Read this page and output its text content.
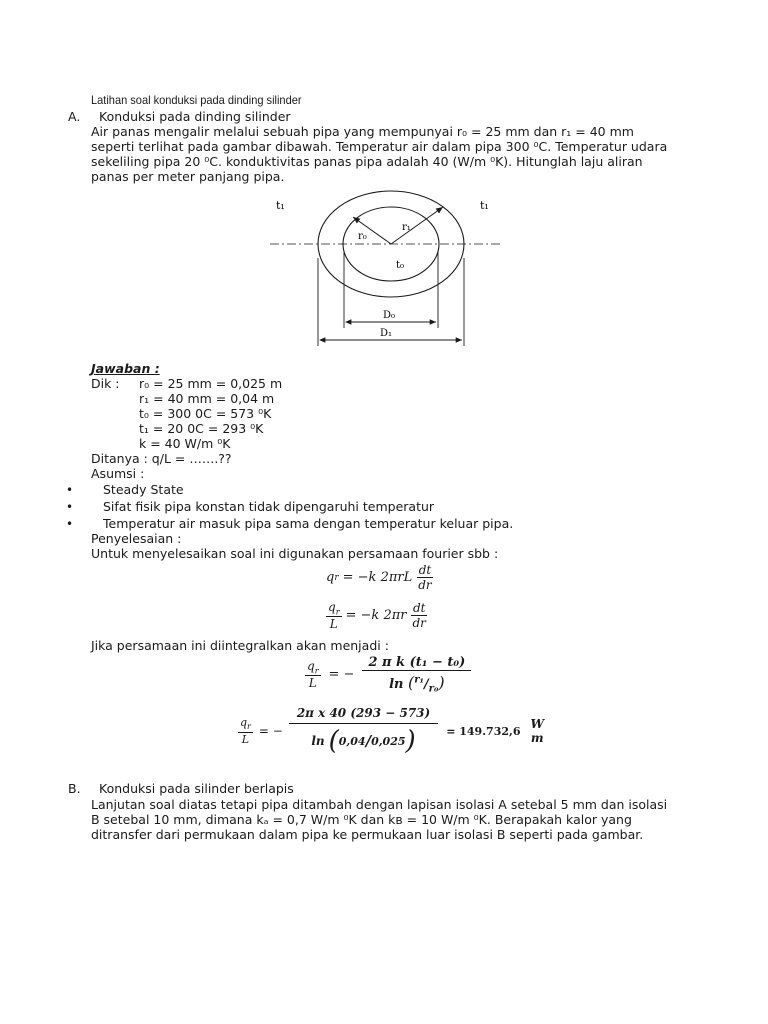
Latihan soal konduksi pada dinding silinder
A. Konduksi pada dinding silinder
Air panas mengalir melalui sebuah pipa yang mempunyai r₀ = 25 mm dan r₁ = 40 mm
seperti terlihat pada gambar dibawah. Temperatur air dalam pipa 300 ⁰C. Temperatur udara
sekeliling pipa 20 ⁰C. konduktivitas panas pipa adalah 40 (W/m ⁰K). Hitunglah laju aliran
panas per meter panjang pipa.
t₁	t₁
r₀
r₁
t₀
D₀
D₁
Jawaban :
Dik : r₀ = 25 mm = 0,025 m
r₁ = 40 mm = 0,04 m
t₀ = 300 0C = 573 ⁰K
t₁ = 20 0C = 293 ⁰K
k = 40 W/m ⁰K
Ditanya : q/L = …….??
Asumsi :
• Steady State
• Sifat fisik pipa konstan tidak dipengaruhi temperatur
• Temperatur air masuk pipa sama dengan temperatur keluar pipa.
Penyelesaian :
Untuk menyelesaikan soal ini digunakan persamaan fourier sbb :
q r = −k $2\pi rL \frac{dt}{dr}$
$\frac{q_r}{L} = -k$ $2\pi r \frac{dt}{dr}$
Jika persamaan ini diintegralkan akan menjadi :
$\frac{q_r}{L}$ = − $\frac{\text{2 π k (t₁ − t₀)}}{\ln (^{r_1}/_{r_0})}$
$\frac{q_r}{L}$ = − $\frac{\text{2π x 40 (293 − 573)}}{\ln ( 0,04 / 0,025 )} = 149.732,6$ W
m
B. Konduksi pada silinder berlapis
Lanjutan soal diatas tetapi pipa ditambah dengan lapisan isolasi A setebal 5 mm dan isolasi
B setebal 10 mm, dimana kₐ = 0,7 W/m ⁰K dan kʙ = 10 W/m ⁰K. Berapakah kalor yang
ditransfer dari permukaan dalam pipa ke permukaan luar isolasi B seperti pada gambar.
